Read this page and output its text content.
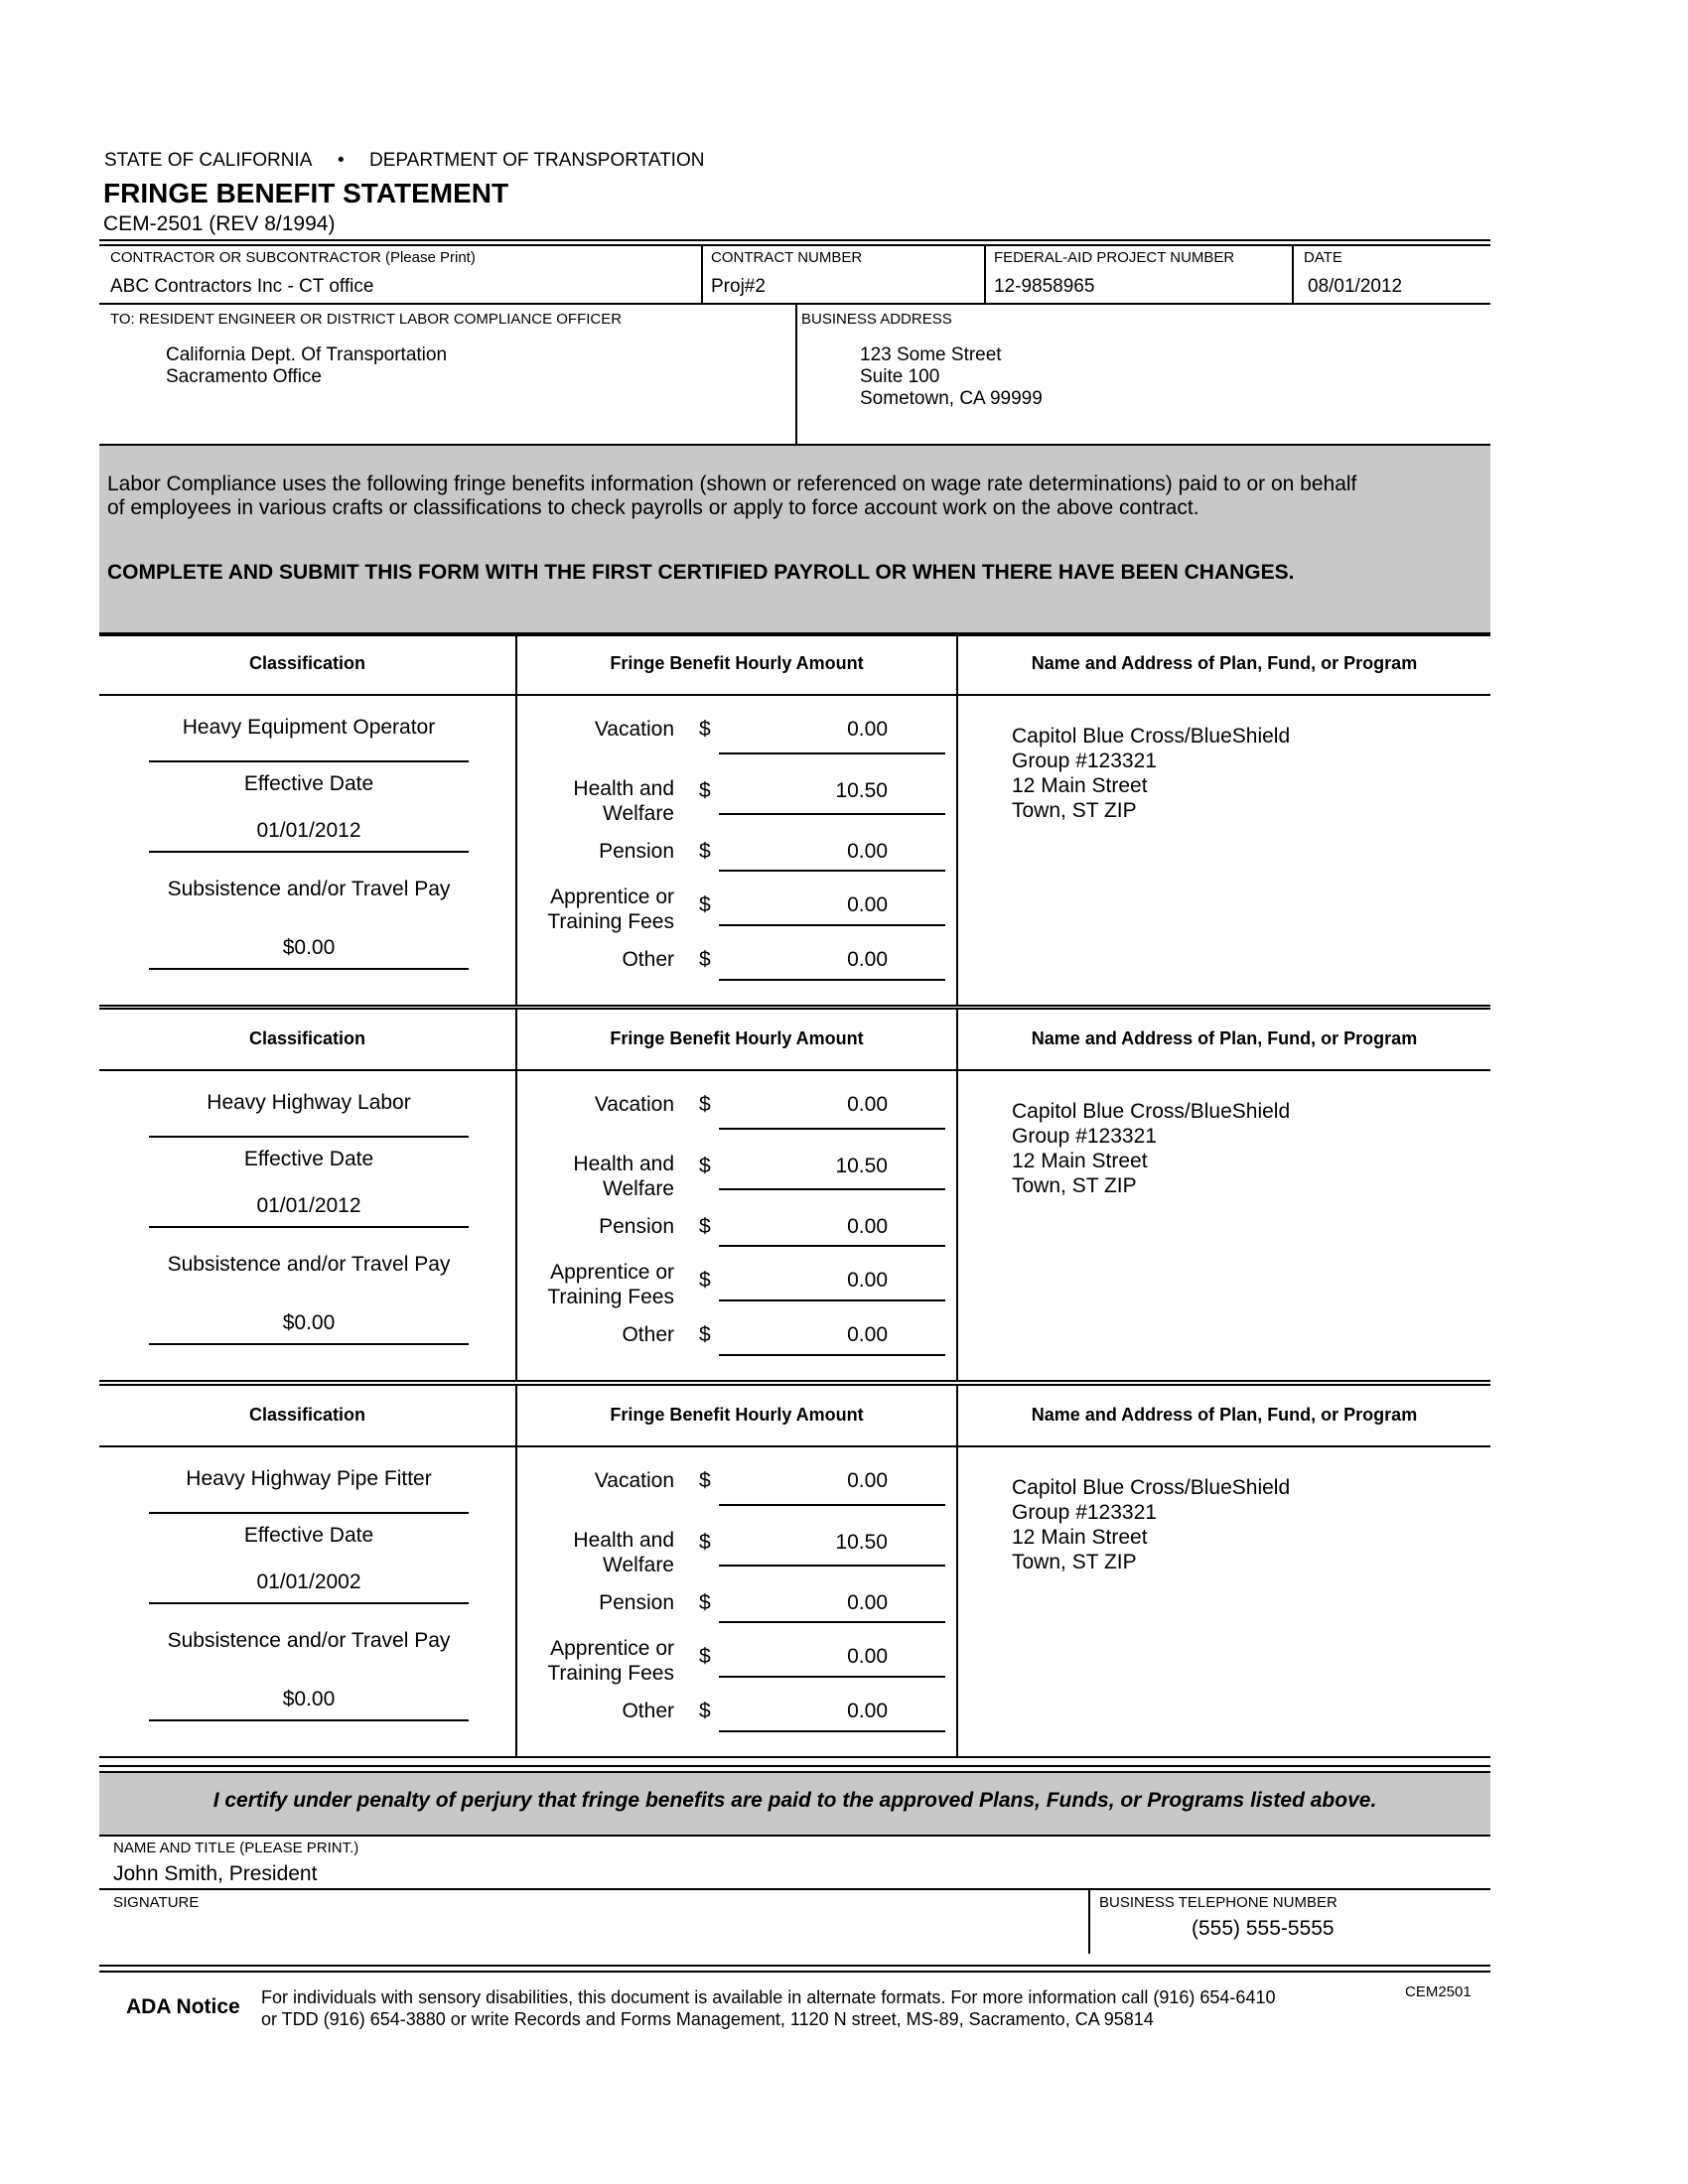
STATE OF CALIFORNIA • DEPARTMENT OF TRANSPORTATION
FRINGE BENEFIT STATEMENT
CEM-2501 (REV 8/1994)
CONTRACTOR OR SUBCONTRACTOR (Please Print)
ABC Contractors Inc - CT office
CONTRACT NUMBER
Proj#2
FEDERAL-AID PROJECT NUMBER
12-9858965
DATE
08/01/2012
TO: RESIDENT ENGINEER OR DISTRICT LABOR COMPLIANCE OFFICER	BUSINESS ADDRESS
California Dept. Of Transportation
Sacramento Office
123 Some Street
Suite 100
Sometown, CA 99999
Labor Compliance uses the following fringe benefits information (shown or referenced on wage rate determinations) paid to or on behalf
of employees in various crafts or classifications to check payrolls or apply to force account work on the above contract.
COMPLETE AND SUBMIT THIS FORM WITH THE FIRST CERTIFIED PAYROLL OR WHEN THERE HAVE BEEN CHANGES.
Classification	Fringe Benefit Hourly Amount	Name and Address of Plan, Fund, or Program
Heavy Equipment Operator
Effective Date
01/01/2012
Subsistence and/or Travel Pay
$0.00
Vacation $	0.00
Health and
Welfare
$	10.50
Pension $	0.00
Apprentice or
Training Fees
$	0.00
Other $	0.00
Capitol Blue Cross/BlueShield
Group #123321
12 Main Street
Town, ST ZIP
Classification	Fringe Benefit Hourly Amount	Name and Address of Plan, Fund, or Program
Heavy Highway Labor
Effective Date
01/01/2012
Subsistence and/or Travel Pay
$0.00
Vacation $	0.00
Health and
Welfare
$	10.50
Pension $	0.00
Apprentice or
Training Fees
$	0.00
Other $	0.00
Capitol Blue Cross/BlueShield
Group #123321
12 Main Street
Town, ST ZIP
Classification	Fringe Benefit Hourly Amount	Name and Address of Plan, Fund, or Program
Heavy Highway Pipe Fitter
Effective Date
01/01/2002
Subsistence and/or Travel Pay
$0.00
Vacation $	0.00
Health and
Welfare
$	10.50
Pension $	0.00
Apprentice or
Training Fees
$	0.00
Other $	0.00
Capitol Blue Cross/BlueShield
Group #123321
12 Main Street
Town, ST ZIP
I certify under penalty of perjury that fringe benefits are paid to the approved Plans, Funds, or Programs listed above.
NAME AND TITLE (PLEASE PRINT.)
John Smith, President
SIGNATURE	BUSINESS TELEPHONE NUMBER
(555) 555-5555
ADA Notice For individuals with sensory disabilities, this document is available in alternate formats. For more information call (916) 654-6410
or TDD (916) 654-3880 or write Records and Forms Management, 1120 N street, MS-89, Sacramento, CA 95814
CEM2501
